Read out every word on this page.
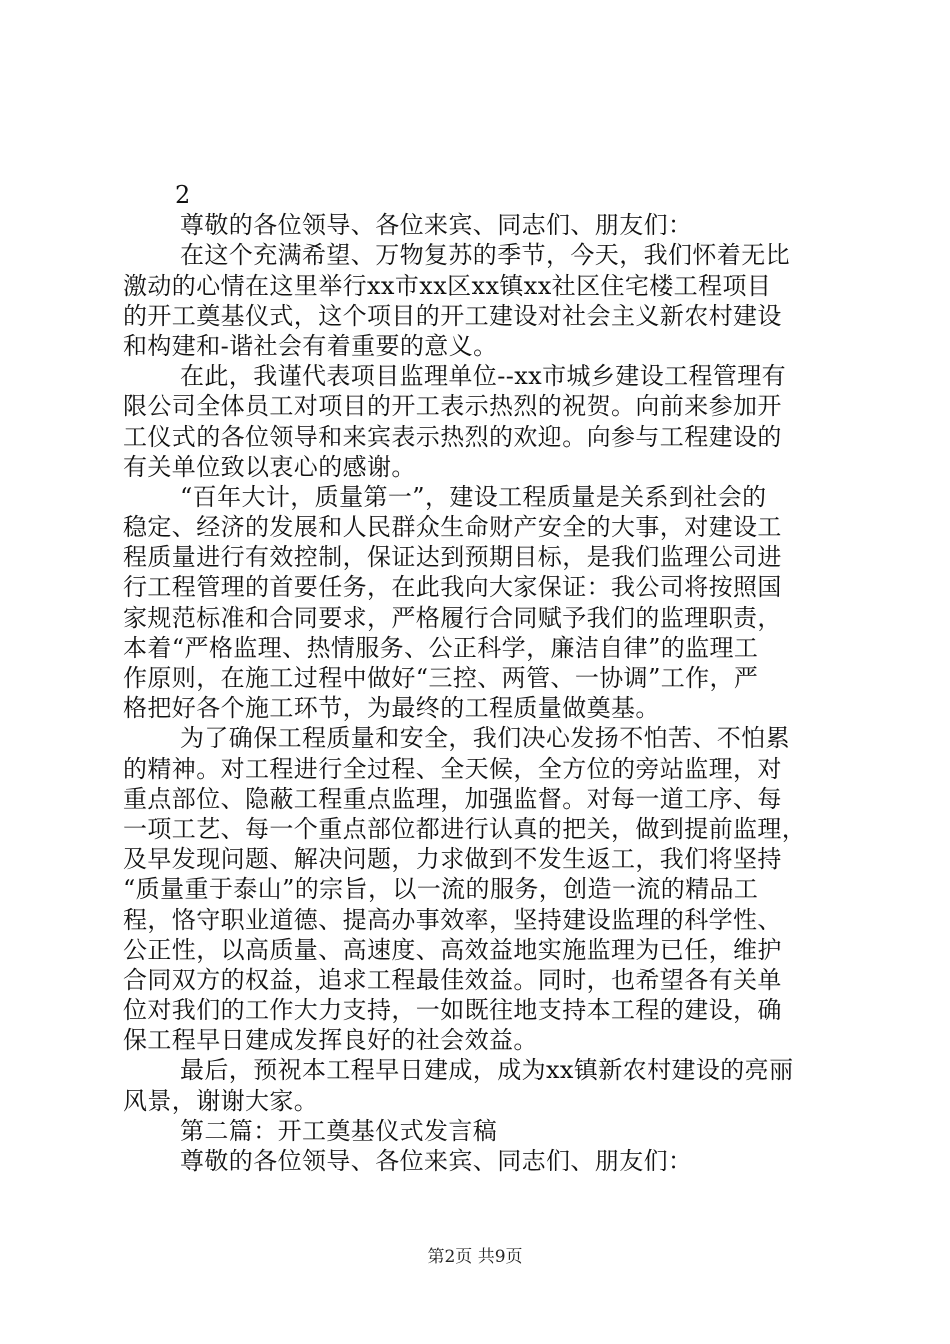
2
尊敬的各位领导、各位来宾、同志们、朋友们：
在这个充满希望、万物复苏的季节，今天，我们怀着无比
激动的心情在这里举行xx市xx区xx镇xx社区住宅楼工程项目
的开工奠基仪式，这个项目的开工建设对社会主义新农村建设
和构建和-谐社会有着重要的意义。
在此，我谨代表项目监理单位--xx市城乡建设工程管理有
限公司全体员工对项目的开工表示热烈的祝贺。向前来参加开
工仪式的各位领导和来宾表示热烈的欢迎。向参与工程建设的
有关单位致以衷心的感谢。
“百年大计，质量第一”，建设工程质量是关系到社会的
稳定、经济的发展和人民群众生命财产安全的大事，对建设工
程质量进行有效控制，保证达到预期目标，是我们监理公司进
行工程管理的首要任务，在此我向大家保证：我公司将按照国
家规范标准和合同要求，严格履行合同赋予我们的监理职责，
本着“严格监理、热情服务、公正科学，廉洁自律”的监理工
作原则，在施工过程中做好“三控、两管、一协调”工作，严
格把好各个施工环节，为最终的工程质量做奠基。
为了确保工程质量和安全，我们决心发扬不怕苦、不怕累
的精神。对工程进行全过程、全天候，全方位的旁站监理，对
重点部位、隐蔽工程重点监理，加强监督。对每一道工序、每
一项工艺、每一个重点部位都进行认真的把关，做到提前监理，
及早发现问题、解决问题，力求做到不发生返工，我们将坚持
“质量重于泰山”的宗旨，以一流的服务，创造一流的精品工
程，恪守职业道德、提高办事效率，坚持建设监理的科学性、
公正性，以高质量、高速度、高效益地实施监理为已任，维护
合同双方的权益，追求工程最佳效益。同时，也希望各有关单
位对我们的工作大力支持，一如既往地支持本工程的建设，确
保工程早日建成发挥良好的社会效益。
最后，预祝本工程早日建成，成为xx镇新农村建设的亮丽
风景，谢谢大家。
第二篇：开工奠基仪式发言稿
尊敬的各位领导、各位来宾、同志们、朋友们：
第2页 共9页
